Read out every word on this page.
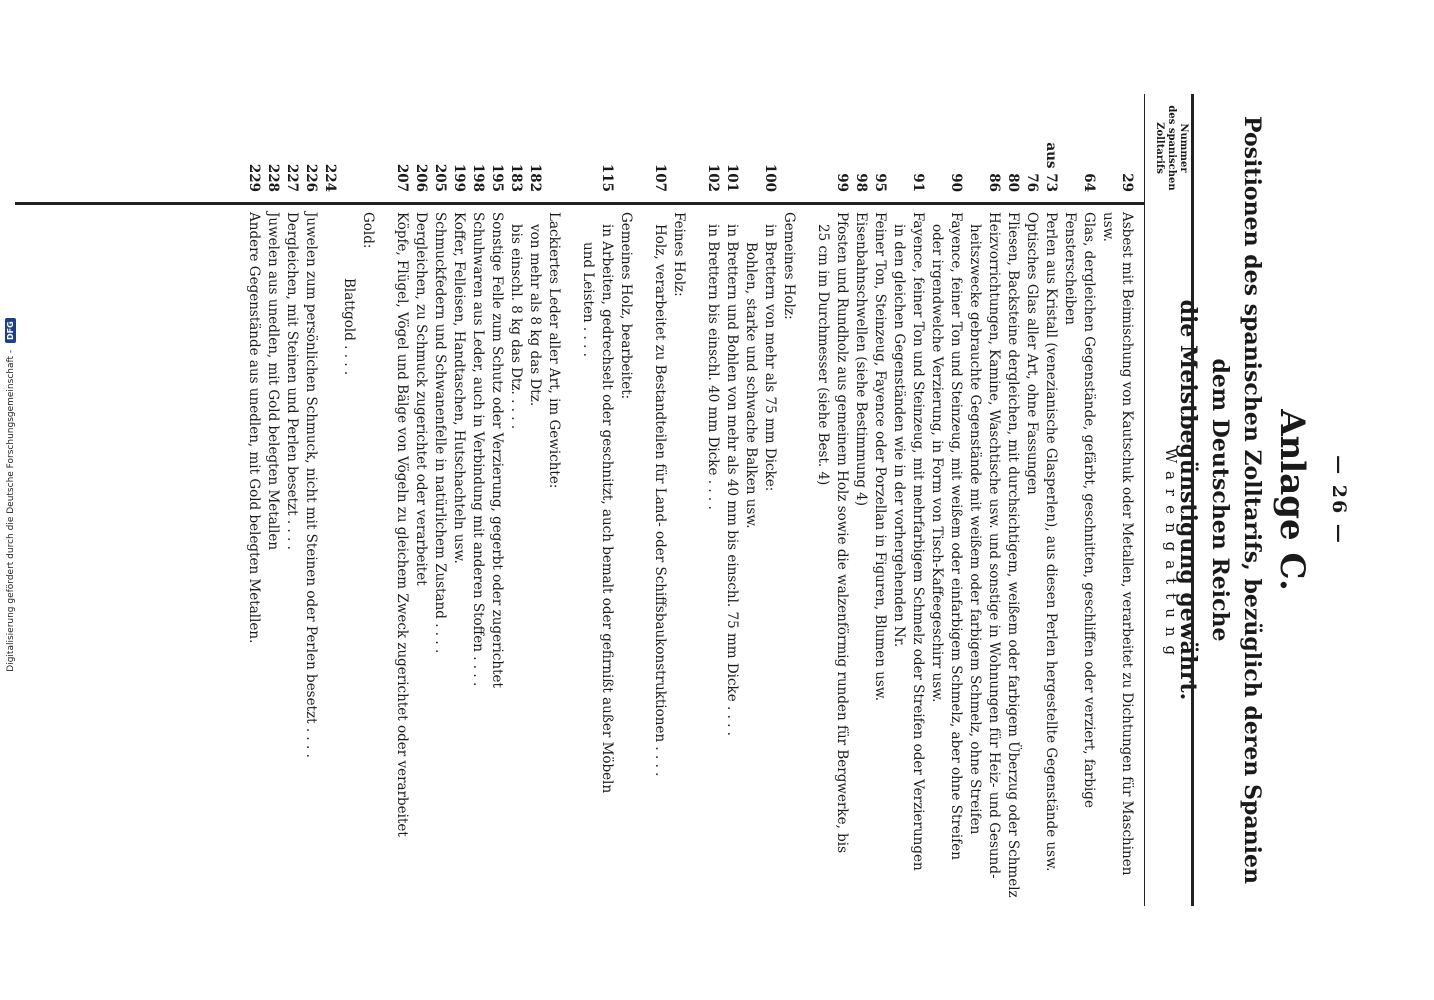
— 26 —
Anlage C.
Positionen des spanischen Zolltarifs, bezüglich deren Spanien dem Deutschen Reiche
die Meistbegünstigung gewährt.
Nummer
des spanischen
Zolltarifs
Warengattung
29
Asbest mit Beimischung von Kautschuk oder Metallen, verarbeitet zu Dichtungen für Maschinen usw.
64
Glas, dergleichen Gegenstände, gefärbt, geschnitten, geschliffen oder verziert, farbige Fensterscheiben
aus 73
Perlen aus Kristall (venezianische Glasperlen), aus diesen Perlen hergestellte Gegenstände usw.
76
Optisches Glas aller Art, ohne Fassungen
80
Fliesen, Backsteine dergleichen, mit durchsichtigem, weißem oder farbigem Überzug oder Schmelz
86
Heizvorrichtungen, Kamine, Waschtische usw. und sonstige in Wohnungen für Heiz- und Gesund-
heitszwecke gebrauchte Gegenstände mit weißem oder farbigem Schmelz, ohne Streifen
90
Fayence, feiner Ton und Steinzeug, mit weißem oder einfarbigem Schmelz, aber ohne Streifen
oder irgendwelche Verzierung, in Form von Tisch-Kaffeegeschirr usw.
91
Fayence, feiner Ton und Steinzeug, mit mehrfarbigem Schmelz oder Streifen oder Verzierungen
in den gleichen Gegenständen wie in der vorhergehenden Nr.
95
Feiner Ton, Steinzeug, Fayence oder Porzellan in Figuren, Blumen usw.
98
Eisenbahnschwellen (siehe Bestimmung 4)
99
Pfosten und Rundholz aus gemeinem Holz sowie die walzenförmig runden für Bergwerke, bis
25 cm im Durchmesser (siehe Best. 4)
Gemeines Holz:
100
in Brettern von mehr als 75 mm Dicke:
Bohlen, starke und schwache Balken usw.
101
in Brettern und Bohlen von mehr als 40 mm bis einschl. 75 mm Dicke . . . .
102
in Brettern bis einschl. 40 mm Dicke . . . .
Feines Holz:
107
Holz, verarbeitet zu Bestandteilen für Land- oder Schiffsbaukonstruktionen . . . .
Gemeines Holz, bearbeitet:
115
in Arbeiten, gedrechselt oder geschnitzt, auch bemalt oder gefirnißt außer Möbeln
und Leisten . . . .
Lackiertes Leder aller Art, im Gewichte:
182
von mehr als 8 kg das Dtz.
183
bis einschl. 8 kg das Dtz. . . . .
195
Sonstige Felle zum Schutz oder Verzierung, gegerbt oder zugerichtet
198
Schuhwaren aus Leder, auch in Verbindung mit anderen Stoffen . . . .
199
Koffer, Felleisen, Handtaschen, Hutschachteln usw.
205
Schmuckfedern und Schwanenfelle in natürlichem Zustand . . . .
206
Dergleichen, zu Schmuck zugerichtet oder verarbeitet
207
Köpfe, Flügel, Vögel und Bälge von Vögeln zu gleichem Zweck zugerichtet oder verarbeitet
Gold:
Blattgold . . . .
224
226
Juwelen zum persönlichen Schmuck, nicht mit Steinen oder Perlen besetzt . . . .
227
Dergleichen, mit Steinen und Perlen besetzt . . . .
228
Juwelen aus unedlen, mit Gold belegten Metallen
229
Andere Gegenstände aus unedlen, mit Gold belegten Metallen.
Digitalisierung gefördert durch die Deutsche Forschungsgemeinschaft - DFG
